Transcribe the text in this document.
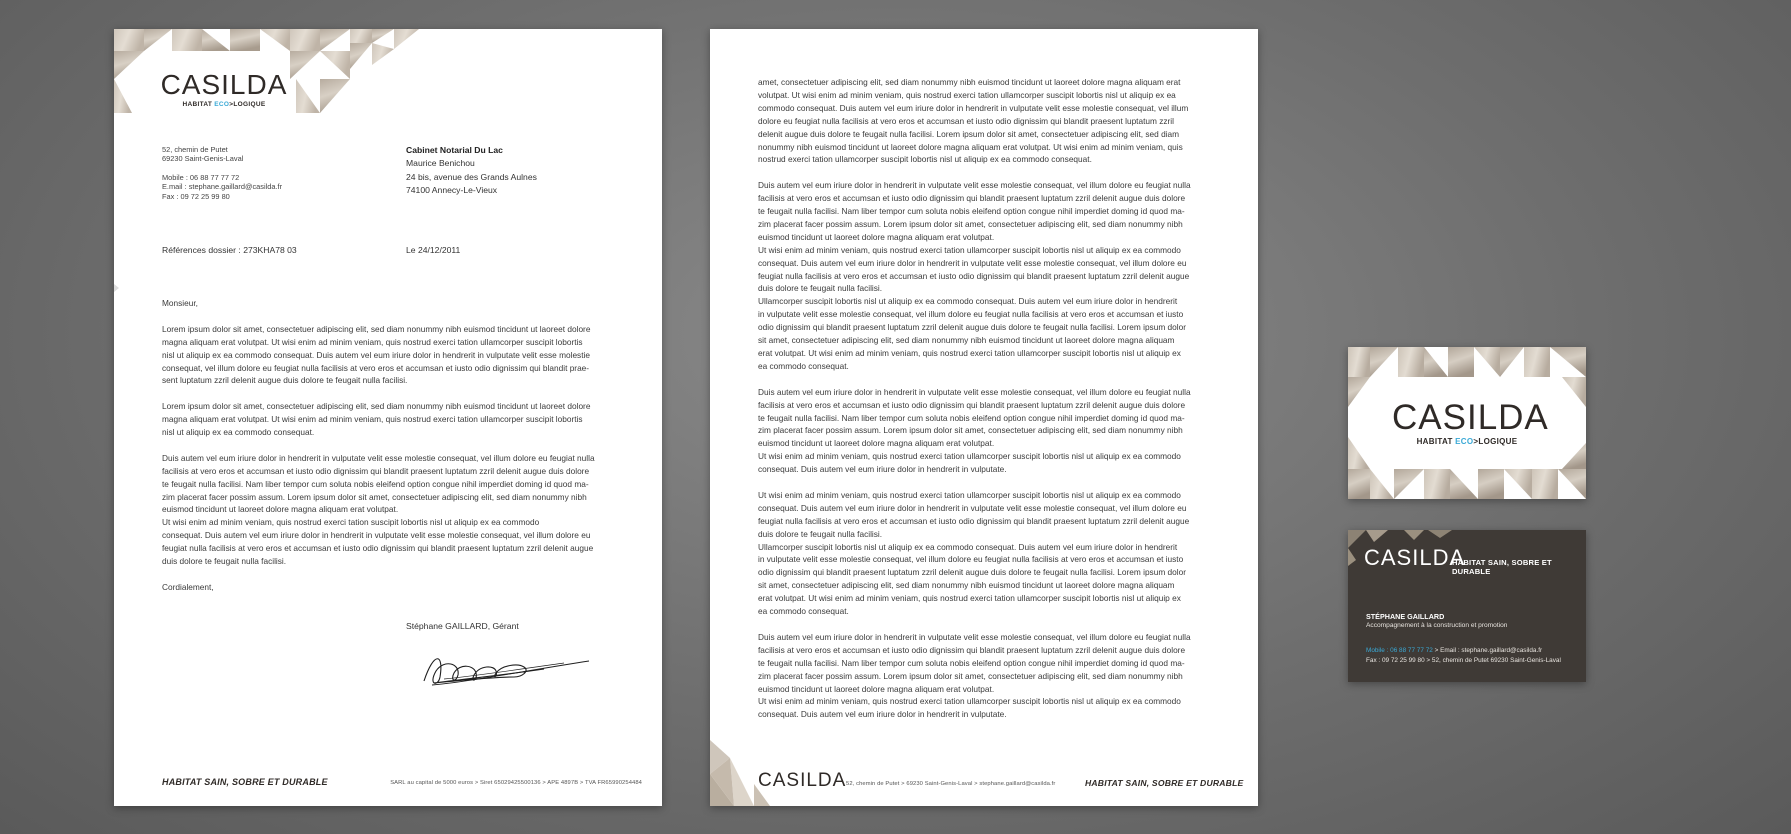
CASILDA
HABITAT ECO>LOGIQUE
52, chemin de Putet
69230 Saint-Genis-Laval
Mobile : 06 88 77 77 72
E.mail : stephane.gaillard@casilda.fr
Fax : 09 72 25 99 80
Cabinet Notarial Du Lac
Maurice Benichou
24 bis, avenue des Grands Aulnes
74100 Annecy-Le-Vieux
Références dossier : 273KHA78 03	Le 24/12/2011
Monsieur,
Lorem ipsum dolor sit amet, consectetuer adipiscing elit, sed diam nonummy nibh euismod tincidunt ut laoreet dolore
magna aliquam erat volutpat. Ut wisi enim ad minim veniam, quis nostrud exerci tation ullamcorper suscipit lobortis
nisl ut aliquip ex ea commodo consequat. Duis autem vel eum iriure dolor in hendrerit in vulputate velit esse molestie
consequat, vel illum dolore eu feugiat nulla facilisis at vero eros et accumsan et iusto odio dignissim qui blandit prae-
sent luptatum zzril delenit augue duis dolore te feugait nulla facilisi.
Lorem ipsum dolor sit amet, consectetuer adipiscing elit, sed diam nonummy nibh euismod tincidunt ut laoreet dolore
magna aliquam erat volutpat. Ut wisi enim ad minim veniam, quis nostrud exerci tation ullamcorper suscipit lobortis
nisl ut aliquip ex ea commodo consequat.
Duis autem vel eum iriure dolor in hendrerit in vulputate velit esse molestie consequat, vel illum dolore eu feugiat nulla
facilisis at vero eros et accumsan et iusto odio dignissim qui blandit praesent luptatum zzril delenit augue duis dolore
te feugait nulla facilisi. Nam liber tempor cum soluta nobis eleifend option congue nihil imperdiet doming id quod ma-
zim placerat facer possim assum. Lorem ipsum dolor sit amet, consectetuer adipiscing elit, sed diam nonummy nibh
euismod tincidunt ut laoreet dolore magna aliquam erat volutpat.
Ut wisi enim ad minim veniam, quis nostrud exerci tation suscipit lobortis nisl ut aliquip ex ea commodo
consequat. Duis autem vel eum iriure dolor in hendrerit in vulputate velit esse molestie consequat, vel illum dolore eu
feugiat nulla facilisis at vero eros et accumsan et iusto odio dignissim qui blandit praesent luptatum zzril delenit augue
duis dolore te feugait nulla facilisi.
Cordialement,
Stéphane GAILLARD, Gérant
HABITAT SAIN, SOBRE ET DURABLE	SARL au capital de 5000 euros > Siret 65029425500136 > APE 4897B > TVA FR65990254484
amet, consectetuer adipiscing elit, sed diam nonummy nibh euismod tincidunt ut laoreet dolore magna aliquam erat
volutpat. Ut wisi enim ad minim veniam, quis nostrud exerci tation ullamcorper suscipit lobortis nisl ut aliquip ex ea
commodo consequat. Duis autem vel eum iriure dolor in hendrerit in vulputate velit esse molestie consequat, vel illum
dolore eu feugiat nulla facilisis at vero eros et accumsan et iusto odio dignissim qui blandit praesent luptatum zzril
delenit augue duis dolore te feugait nulla facilisi. Lorem ipsum dolor sit amet, consectetuer adipiscing elit, sed diam
nonummy nibh euismod tincidunt ut laoreet dolore magna aliquam erat volutpat. Ut wisi enim ad minim veniam, quis
nostrud exerci tation ullamcorper suscipit lobortis nisl ut aliquip ex ea commodo consequat.
Duis autem vel eum iriure dolor in hendrerit in vulputate velit esse molestie consequat, vel illum dolore eu feugiat nulla
facilisis at vero eros et accumsan et iusto odio dignissim qui blandit praesent luptatum zzril delenit augue duis dolore
te feugait nulla facilisi. Nam liber tempor cum soluta nobis eleifend option congue nihil imperdiet doming id quod ma-
zim placerat facer possim assum. Lorem ipsum dolor sit amet, consectetuer adipiscing elit, sed diam nonummy nibh
euismod tincidunt ut laoreet dolore magna aliquam erat volutpat.
Ut wisi enim ad minim veniam, quis nostrud exerci tation ullamcorper suscipit lobortis nisl ut aliquip ex ea commodo
consequat. Duis autem vel eum iriure dolor in hendrerit in vulputate velit esse molestie consequat, vel illum dolore eu
feugiat nulla facilisis at vero eros et accumsan et iusto odio dignissim qui blandit praesent luptatum zzril delenit augue
duis dolore te feugait nulla facilisi.
Ullamcorper suscipit lobortis nisl ut aliquip ex ea commodo consequat. Duis autem vel eum iriure dolor in hendrerit
in vulputate velit esse molestie consequat, vel illum dolore eu feugiat nulla facilisis at vero eros et accumsan et iusto
odio dignissim qui blandit praesent luptatum zzril delenit augue duis dolore te feugait nulla facilisi. Lorem ipsum dolor
sit amet, consectetuer adipiscing elit, sed diam nonummy nibh euismod tincidunt ut laoreet dolore magna aliquam
erat volutpat. Ut wisi enim ad minim veniam, quis nostrud exerci tation ullamcorper suscipit lobortis nisl ut aliquip ex
ea commodo consequat.
Duis autem vel eum iriure dolor in hendrerit in vulputate velit esse molestie consequat, vel illum dolore eu feugiat nulla
facilisis at vero eros et accumsan et iusto odio dignissim qui blandit praesent luptatum zzril delenit augue duis dolore
te feugait nulla facilisi. Nam liber tempor cum soluta nobis eleifend option congue nihil imperdiet doming id quod ma-
zim placerat facer possim assum. Lorem ipsum dolor sit amet, consectetuer adipiscing elit, sed diam nonummy nibh
euismod tincidunt ut laoreet dolore magna aliquam erat volutpat.
Ut wisi enim ad minim veniam, quis nostrud exerci tation ullamcorper suscipit lobortis nisl ut aliquip ex ea commodo
consequat. Duis autem vel eum iriure dolor in hendrerit in vulputate.
Ut wisi enim ad minim veniam, quis nostrud exerci tation ullamcorper suscipit lobortis nisl ut aliquip ex ea commodo
consequat. Duis autem vel eum iriure dolor in hendrerit in vulputate velit esse molestie consequat, vel illum dolore eu
feugiat nulla facilisis at vero eros et accumsan et iusto odio dignissim qui blandit praesent luptatum zzril delenit augue
duis dolore te feugait nulla facilisi.
Ullamcorper suscipit lobortis nisl ut aliquip ex ea commodo consequat. Duis autem vel eum iriure dolor in hendrerit
in vulputate velit esse molestie consequat, vel illum dolore eu feugiat nulla facilisis at vero eros et accumsan et iusto
odio dignissim qui blandit praesent luptatum zzril delenit augue duis dolore te feugait nulla facilisi. Lorem ipsum dolor
sit amet, consectetuer adipiscing elit, sed diam nonummy nibh euismod tincidunt ut laoreet dolore magna aliquam
erat volutpat. Ut wisi enim ad minim veniam, quis nostrud exerci tation ullamcorper suscipit lobortis nisl ut aliquip ex
ea commodo consequat.
Duis autem vel eum iriure dolor in hendrerit in vulputate velit esse molestie consequat, vel illum dolore eu feugiat nulla
facilisis at vero eros et accumsan et iusto odio dignissim qui blandit praesent luptatum zzril delenit augue duis dolore
te feugait nulla facilisi. Nam liber tempor cum soluta nobis eleifend option congue nihil imperdiet doming id quod ma-
zim placerat facer possim assum. Lorem ipsum dolor sit amet, consectetuer adipiscing elit, sed diam nonummy nibh
euismod tincidunt ut laoreet dolore magna aliquam erat volutpat.
Ut wisi enim ad minim veniam, quis nostrud exerci tation ullamcorper suscipit lobortis nisl ut aliquip ex ea commodo
consequat. Duis autem vel eum iriure dolor in hendrerit in vulputate.
CASILDA 52, chemin de Putet > 69230 Saint-Genis-Laval > stephane.gaillard@casilda.fr	HABITAT SAIN, SOBRE ET DURABLE
CASILDA
HABITAT ECO>LOGIQUE
CASILDA
HABITAT SAIN, SOBRE ET DURABLE
STÉPHANE GAILLARD
Accompagnement à la construction et promotion
Mobile : 06 88 77 77 72 > Email : stephane.gaillard@casilda.fr
Fax : 09 72 25 99 80 > 52, chemin de Putet 69230 Saint-Genis-Laval
